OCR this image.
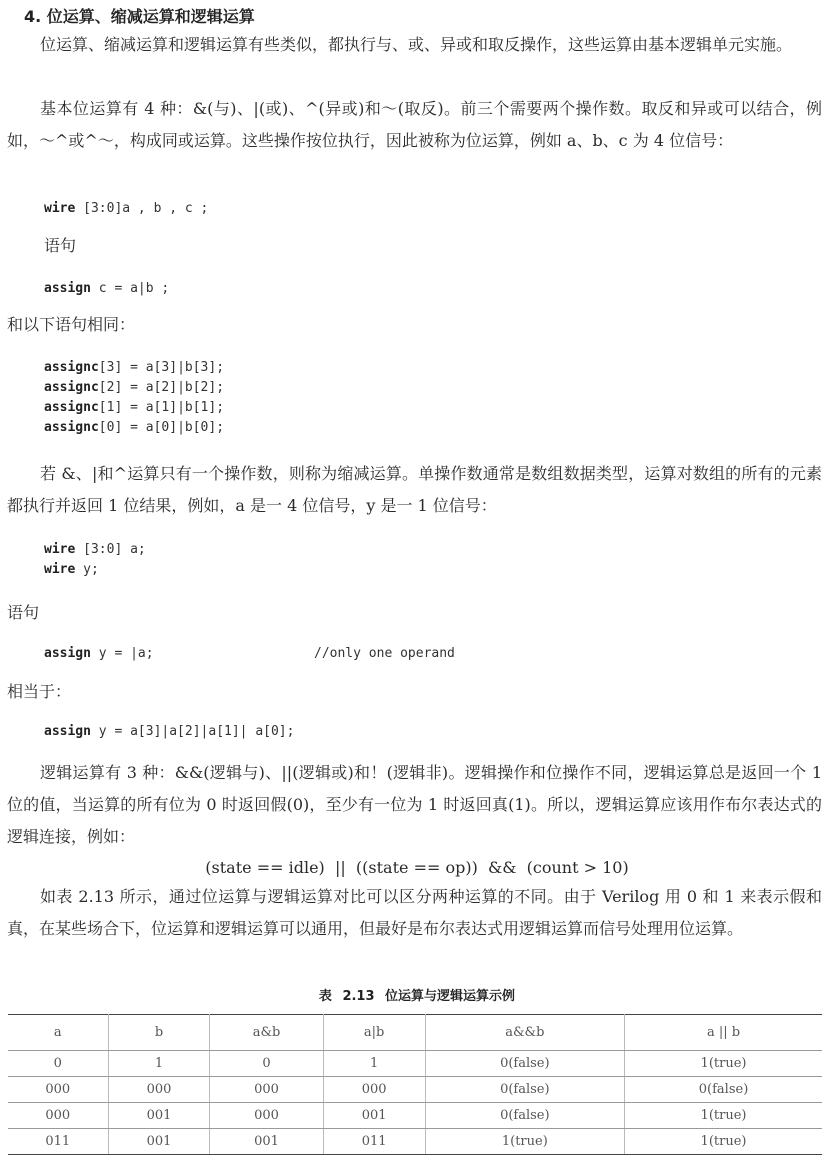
4. 位运算、缩减运算和逻辑运算

位运算、缩减运算和逻辑运算有些类似，都执行与、或、异或和取反操作，这些运算由基本逻辑单元实施。

基本位运算有 4 种：&(与)、|(或)、^(异或)和～(取反)。前三个需要两个操作数。取反和异或可以结合，例如，～^或^～，构成同或运算。这些操作按位执行，因此被称为位运算，例如 a、b、c 为 4 位信号：

wire [3:0]a , b , c ;
语句
assign c = a|b ;
和以下语句相同：
assignc[3] = a[3]|b[3];
assignc[2] = a[2]|b[2];
assignc[1] = a[1]|b[1];
assignc[0] = a[0]|b[0];

若 &、|和^运算只有一个操作数，则称为缩减运算。单操作数通常是数组数据类型，运算对数组的所有的元素都执行并返回 1 位结果，例如，a 是一 4 位信号，y 是一 1 位信号：

wire [3:0] a;
wire y;
语句
assign y = |a;	//only one operand
相当于：
assign y = a[3]|a[2]|a[1]| a[0];

逻辑运算有 3 种：&&(逻辑与)、||(逻辑或)和！(逻辑非)。逻辑操作和位操作不同，逻辑运算总是返回一个 1 位的值，当运算的所有位为 0 时返回假(0)，至少有一位为 1 时返回真(1)。所以，逻辑运算应该用作布尔表达式的逻辑连接，例如：

(state == idle)  ||  ((state == op))  &&  (count > 10)

如表 2.13 所示，通过位运算与逻辑运算对比可以区分两种运算的不同。由于 Verilog 用 0 和 1 来表示假和真，在某些场合下，位运算和逻辑运算可以通用，但最好是布尔表达式用逻辑运算而信号处理用位运算。

表 2.13 位运算与逻辑运算示例
a	b	a&b	a|b	a&&b	a || b
0	1	0	1	0(false)	1(true)
000	000	000	000	0(false)	0(false)
000	001	000	001	0(false)	1(true)
011	001	001	011	1(true)	1(true)
